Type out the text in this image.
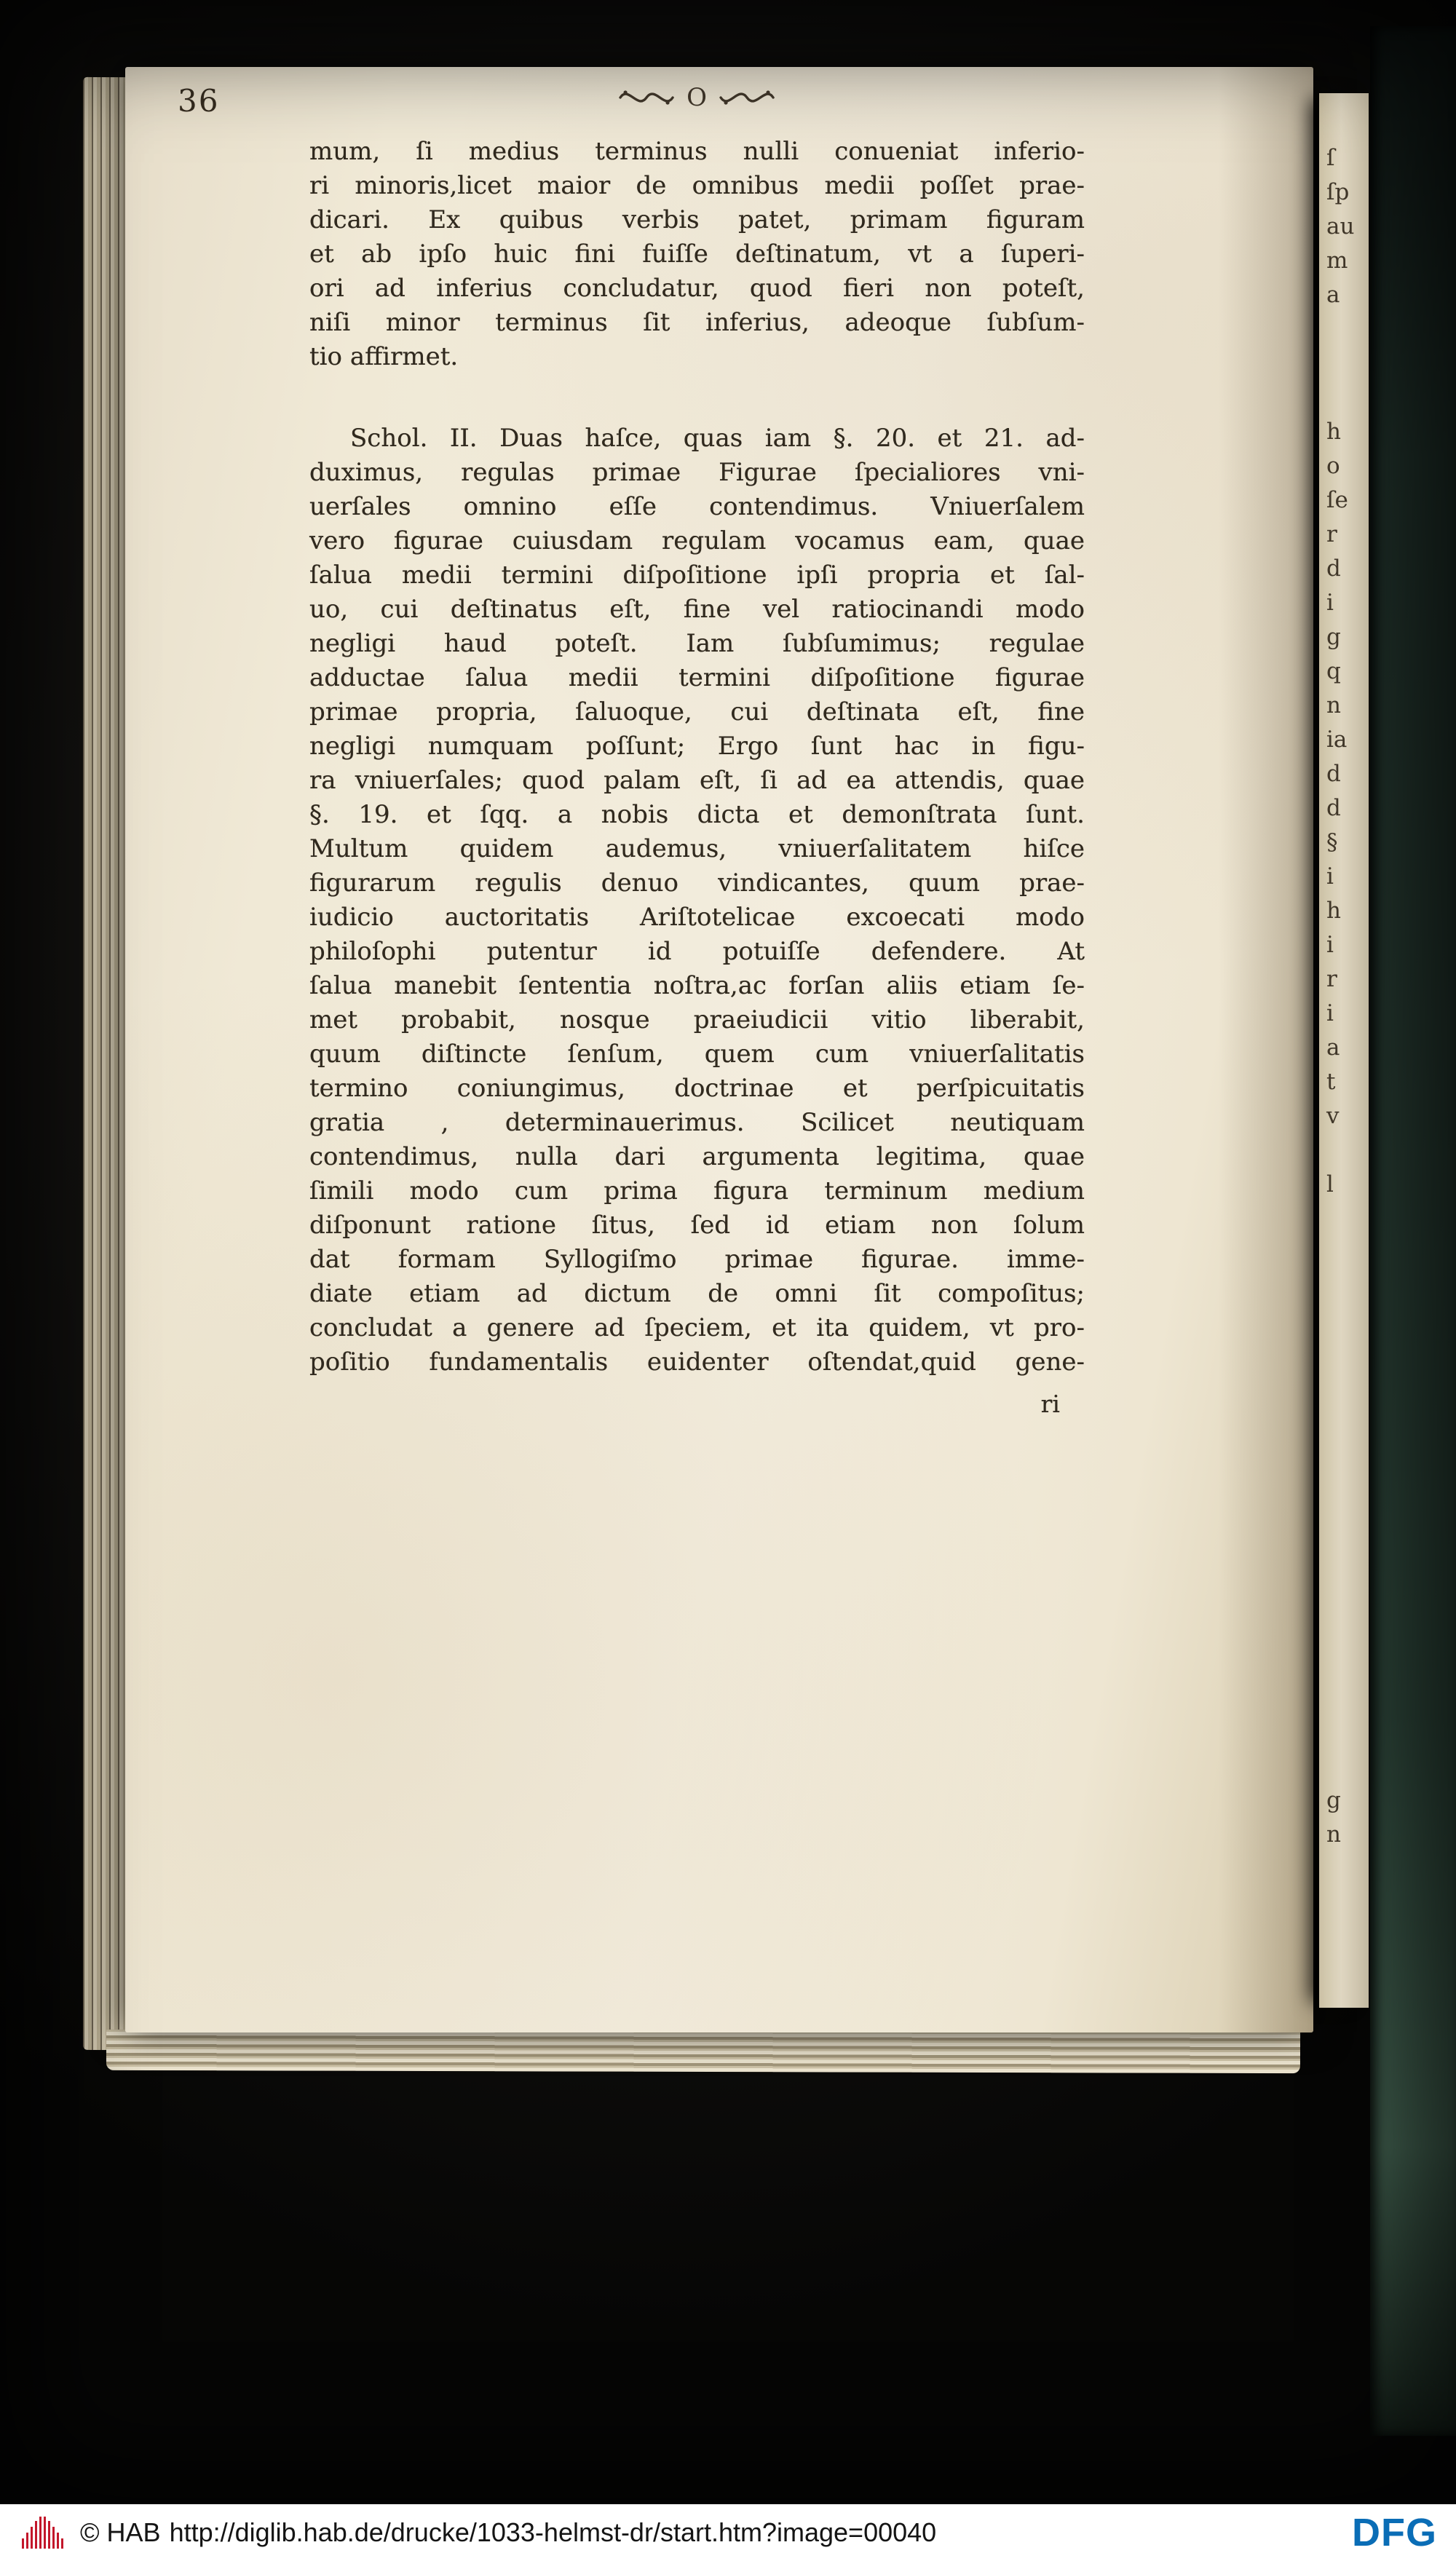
36	O
mum, ſi medius terminus nulli conueniat inferio-
ri minoris,licet maior de omnibus medii poſſet prae-
dicari. Ex quibus verbis patet, primam figuram
et ab ipſo huic fini fuiſſe deſtinatum, vt a ſuperi-
ori ad inferius concludatur, quod fieri non poteſt,
niſi minor terminus ſit inferius, adeoque ſubſum-
tio affirmet.
Schol. II. Duas haſce, quas iam §. 20. et 21. ad-
duximus, regulas primae Figurae ſpecialiores vni-
uerſales omnino eſſe contendimus. Vniuerſalem
vero figurae cuiusdam regulam vocamus eam, quae
ſalua medii termini diſpoſitione ipſi propria et ſal-
uo, cui deſtinatus eſt, fine vel ratiocinandi modo
negligi haud poteſt. Iam ſubſumimus; regulae
adductae ſalua medii termini diſpoſitione figurae
primae propria, ſaluoque, cui deſtinata eſt, fine
negligi numquam poſſunt; Ergo ſunt hac in figu-
ra vniuerſales; quod palam eſt, ſi ad ea attendis, quae
§. 19. et ſqq. a nobis dicta et demonſtrata ſunt.
Multum quidem audemus, vniuerſalitatem hiſce
figurarum regulis denuo vindicantes, quum prae-
iudicio auctoritatis Ariſtotelicae excoecati modo
philoſophi putentur id potuiſſe defendere. At
ſalua manebit ſententia noſtra,ac forſan aliis etiam ſe-
met probabit, nosque praeiudicii vitio liberabit,
quum diſtincte ſenſum, quem cum vniuerſalitatis
termino coniungimus, doctrinae et perſpicuitatis
gratia , determinauerimus. Scilicet neutiquam
contendimus, nulla dari argumenta legitima, quae
ſimili modo cum prima figura terminum medium
diſponunt ratione ſitus, ſed id etiam non ſolum
dat formam Syllogiſmo primae figurae. imme-
diate etiam ad dictum de omni ſit compoſitus;
concludat a genere ad ſpeciem, et ita quidem, vt pro-
poſitio fundamentalis euidenter oſtendat,quid gene-
ri
ſ
ſp
au
m
a
h
o
ſe
r
d
i
g
q
n
ia
d
d
§
i
h
i
r
i
a
t
v
l
g
n
© HAB http://diglib.hab.de/drucke/1033-helmst-dr/start.htm?image=00040	DFG
